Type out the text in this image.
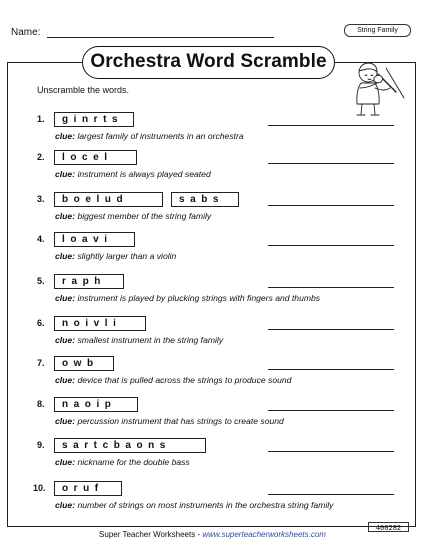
Name:	String Family
Orchestra Word Scramble
Unscramble the words.
1.	g  i  n  r  t  s
clue: largest family of instruments in an orchestra
2.	l  o  c  e  l
clue: instrument is always played seated
3.	b  o  e  l  u  d	s  a  b  s
clue: biggest member of the string family
4.	l  o  a  v  i
clue: slightly larger than a violin
5.	r  a  p  h
clue: instrument is played by plucking strings with fingers and thumbs
6.	n  o  i  v  l  i
clue: smallest instrument in the string family
7.	o  w  b
clue: device that is pulled across the strings to produce sound
8.	n  a  o  i  p
clue: percussion instrument that has strings to create sound
9.	s  a  r  t  c  b  a  o  n  s
clue: nickname for the double bass
10.	o  r  u  f
clue: number of strings on most instruments in the orchestra string family
Super Teacher Worksheets - www.superteacherworksheets.com
400282
